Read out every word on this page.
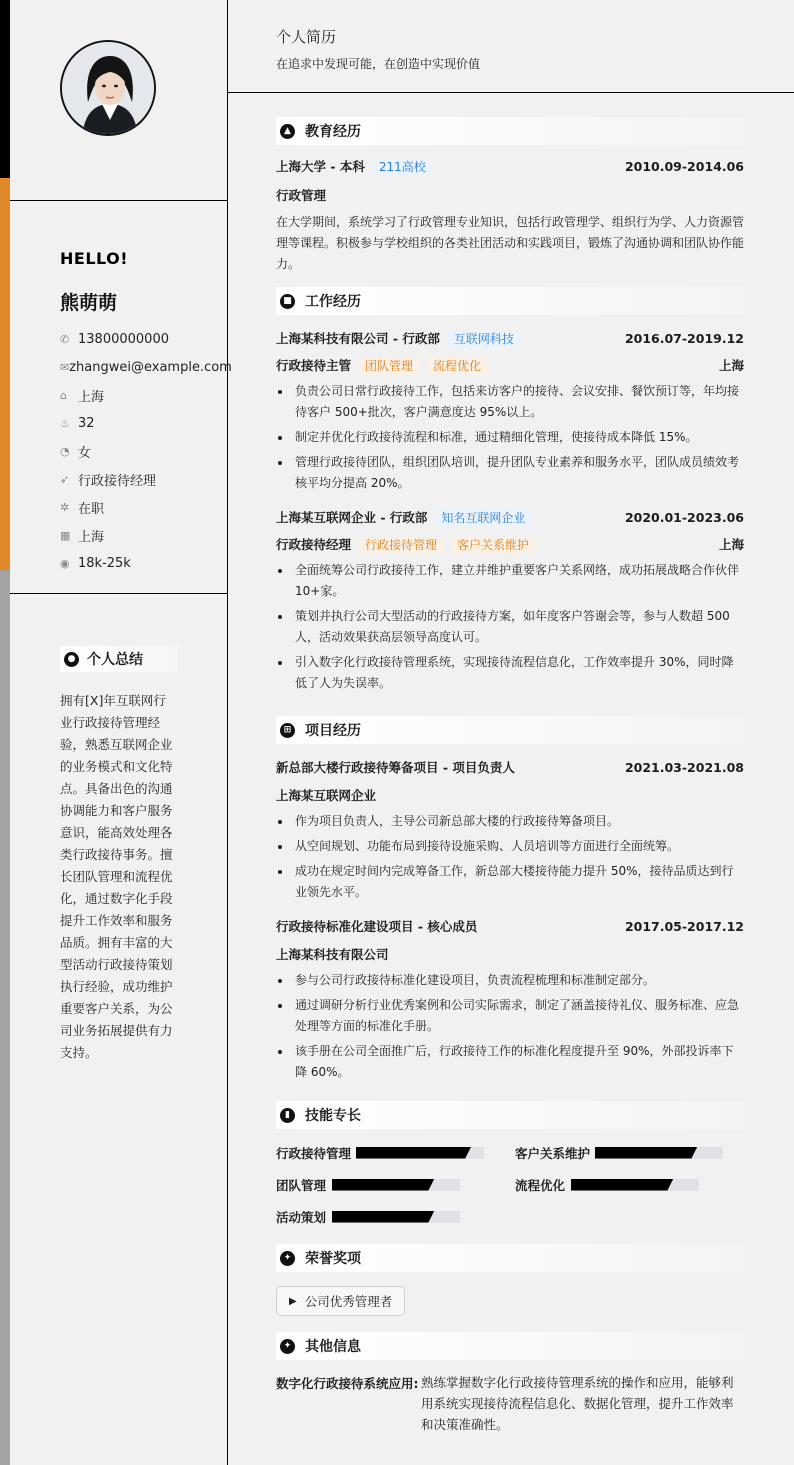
HELLO!
熊萌萌
✆ 13800000000
✉ zhangwei@example.com
⌂ 上海
♨ 32
◔ 女
➶ 行政接待经理
✲ 在职
▦ 上海
◉ 18k-25k
● 个人总结
拥有[X]年互联网行业行政接待管理经验，熟悉互联网企业的业务模式和文化特点。具备出色的沟通协调能力和客户服务意识，能高效处理各类行政接待事务。擅长团队管理和流程优化，通过数字化手段提升工作效率和服务品质。拥有丰富的大型活动行政接待策划执行经验，成功维护重要客户关系，为公司业务拓展提供有力支持。
个人简历
在追求中发现可能，在创造中实现价值
▲ 教育经历
上海大学 - 本科 211高校	2010.09-2014.06
行政管理
在大学期间，系统学习了行政管理专业知识，包括行政管理学、组织行为学、人力资源管理等课程。积极参与学校组织的各类社团活动和实践项目，锻炼了沟通协调和团队协作能力。
■ 工作经历
上海某科技有限公司 - 行政部 互联网科技	2016.07-2019.12
行政接待主管 团队管理 流程优化	上海
负责公司日常行政接待工作，包括来访客户的接待、会议安排、餐饮预订等，年均接待客户 500+批次，客户满意度达 95%以上。
制定并优化行政接待流程和标准，通过精细化管理，使接待成本降低 15%。
管理行政接待团队，组织团队培训，提升团队专业素养和服务水平，团队成员绩效考核平均分提高 20%。
上海某互联网企业 - 行政部 知名互联网企业	2020.01-2023.06
行政接待经理 行政接待管理 客户关系维护	上海
全面统筹公司行政接待工作，建立并维护重要客户关系网络，成功拓展战略合作伙伴 10+家。
策划并执行公司大型活动的行政接待方案，如年度客户答谢会等，参与人数超 500 人，活动效果获高层领导高度认可。
引入数字化行政接待管理系统，实现接待流程信息化，工作效率提升 30%，同时降低了人为失误率。
⊞ 项目经历
新总部大楼行政接待筹备项目 - 项目负责人	2021.03-2021.08
上海某互联网企业
作为项目负责人，主导公司新总部大楼的行政接待筹备项目。
从空间规划、功能布局到接待设施采购、人员培训等方面进行全面统筹。
成功在规定时间内完成筹备工作，新总部大楼接待能力提升 50%，接待品质达到行业领先水平。
行政接待标准化建设项目 - 核心成员	2017.05-2017.12
上海某科技有限公司
参与公司行政接待标准化建设项目，负责流程梳理和标准制定部分。
通过调研分析行业优秀案例和公司实际需求，制定了涵盖接待礼仪、服务标准、应急处理等方面的标准化手册。
该手册在公司全面推广后，行政接待工作的标准化程度提升至 90%，外部投诉率下降 60%。
▮	技能专长
行政接待管理	客户关系维护
团队管理	流程优化
活动策划
✦ 荣誉奖项
▶ 公司优秀管理者
✦ 其他信息
数字化行政接待系统应用: 熟练掌握数字化行政接待管理系统的操作和应用，能够利用系统实现接待流程信息化、数据化管理，提升工作效率和决策准确性。
